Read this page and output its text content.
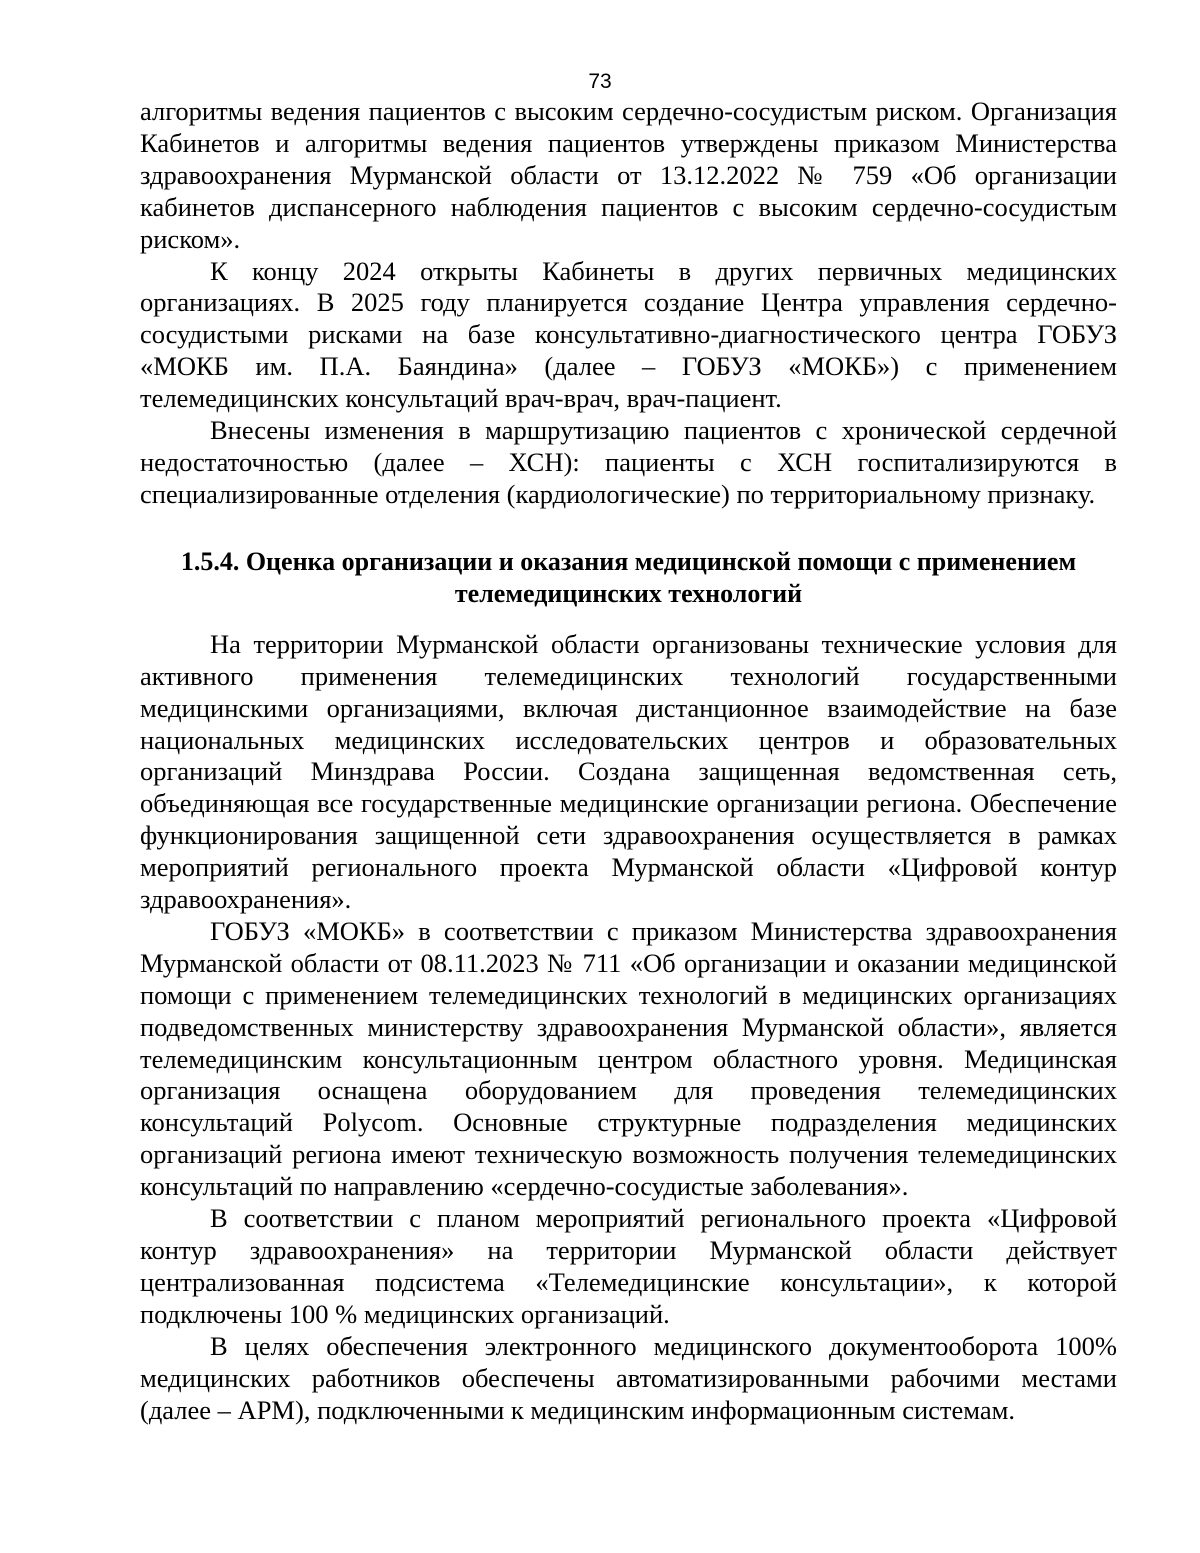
73

алгоритмы ведения пациентов с высоким сердечно-сосудистым риском. Организация Кабинетов и алгоритмы ведения пациентов утверждены приказом Министерства здравоохранения Мурманской области от 13.12.2022 № 759 «Об организации кабинетов диспансерного наблюдения пациентов с высоким сердечно-сосудистым риском».

К концу 2024 открыты Кабинеты в других первичных медицинских организациях. В 2025 году планируется создание Центра управления сердечно-сосудистыми рисками на базе консультативно-диагностического центра ГОБУЗ «МОКБ им. П.А. Баяндина» (далее – ГОБУЗ «МОКБ») с применением телемедицинских консультаций врач-врач, врач-пациент.

Внесены изменения в маршрутизацию пациентов с хронической сердечной недостаточностью (далее – ХСН): пациенты с ХСН госпитализируются в специализированные отделения (кардиологические) по территориальному признаку.

1.5.4. Оценка организации и оказания медицинской помощи с применением
телемедицинских технологий

На территории Мурманской области организованы технические условия для активного применения телемедицинских технологий государственными медицинскими организациями, включая дистанционное взаимодействие на базе национальных медицинских исследовательских центров и образовательных организаций Минздрава России. Создана защищенная ведомственная сеть, объединяющая все государственные медицинские организации региона. Обеспечение функционирования защищенной сети здравоохранения осуществляется в рамках мероприятий регионального проекта Мурманской области «Цифровой контур здравоохранения».

ГОБУЗ «МОКБ» в соответствии с приказом Министерства здравоохранения Мурманской области от 08.11.2023 № 711 «Об организации и оказании медицинской помощи с применением телемедицинских технологий в медицинских организациях подведомственных министерству здравоохранения Мурманской области», является телемедицинским консультационным центром областного уровня. Медицинская организация оснащена оборудованием для проведения телемедицинских консультаций Polycom. Основные структурные подразделения медицинских организаций региона имеют техническую возможность получения телемедицинских консультаций по направлению «сердечно-сосудистые заболевания».

В соответствии с планом мероприятий регионального проекта «Цифровой контур здравоохранения» на территории Мурманской области действует централизованная подсистема «Телемедицинские консультации», к которой подключены 100 % медицинских организаций.

В целях обеспечения электронного медицинского документооборота 100% медицинских работников обеспечены автоматизированными рабочими местами (далее – АРМ), подключенными к медицинским информационным системам.
